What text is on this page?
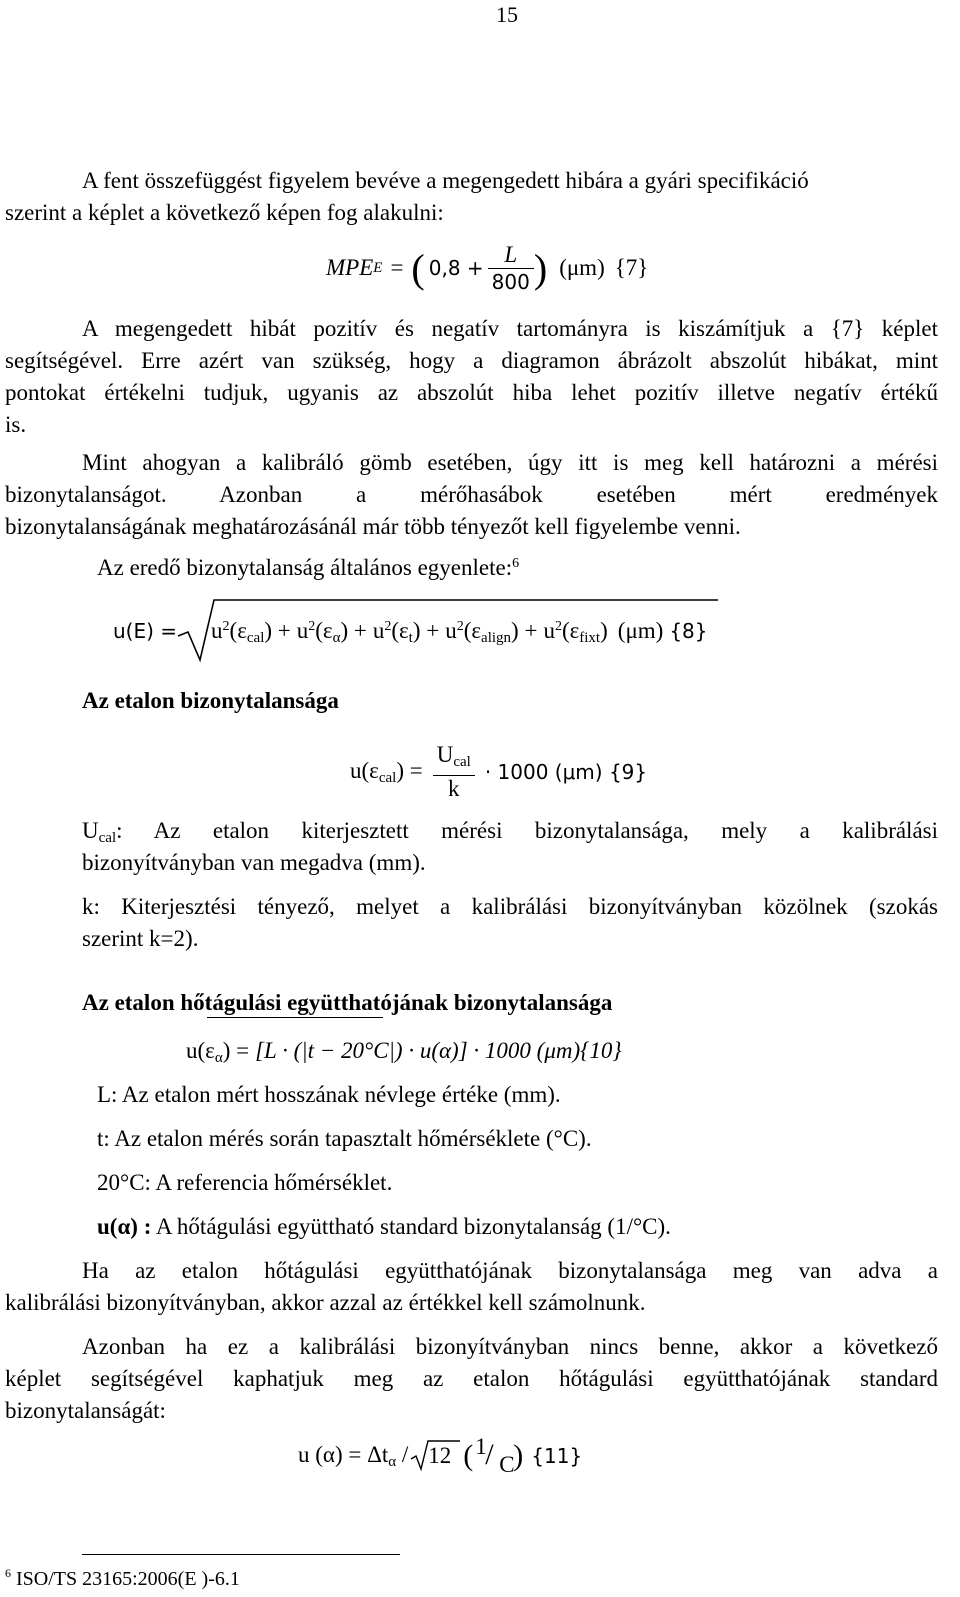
15
A fent összefüggést figyelem bevéve a megengedett hibára a gyári specifikáció
szerint a képlet a következő képen fog alakulni:
MPE E = ( $0,8 + \frac{L}{800}$ ) (μm) {7}
A megengedett hibát pozitív és negatív tartományra is kiszámítjuk a {7} képlet
segítségével. Erre azért van szükség, hogy a diagramon ábrázolt abszolút hibákat, mint
pontokat értékelni tudjuk, ugyanis az abszolút hiba lehet pozitív illetve negatív értékű
is.
Mint ahogyan a kalibráló gömb esetében, úgy itt is meg kell határozni a mérési
bizonytalanságot. Azonban a mérőhasábok esetében mért eredmények
bizonytalanságának meghatározásánál már több tényezőt kell figyelembe venni.
Az eredő bizonytalanság általános egyenlete:$^6$
$u(E) = u^2(\varepsilon_{cal}) + u^2(\varepsilon_\alpha) + u^2(\varepsilon_t) + u^2(\varepsilon_{align}) + u^2(\varepsilon_{fixt})$ (μm) {8}
Az etalon bizonytalansága
$u(\varepsilon_{cal}) = \frac{U_{cal}}{k} \cdot 1000$ (μm) {9}
$U_{cal}$: Az etalon kiterjesztett mérési bizonytalansága, mely a kalibrálási
bizonyítványban van megadva (mm).
k: Kiterjesztési tényező, melyet a kalibrálási bizonyítványban közölnek (szokás
szerint k=2).
Az etalon hőtágulási együtthatójának bizonytalansága
$u(\varepsilon_\alpha) = [L \cdot (|t - 20^\circ C|) \cdot u(\alpha)] \cdot 1000$ (μm){10}
L: Az etalon mért hosszának névlege értéke (mm).
t: Az etalon mérés során tapasztalt hőmérséklete (°C).
20°C: A referencia hőmérséklet.
u(α) : A hőtágulási együttható standard bizonytalanság (1/°C).
Ha az etalon hőtágulási együtthatójának bizonytalansága meg van adva a
kalibrálási bizonyítványban, akkor azzal az értékkel kell számolnunk.
Azonban ha ez a kalibrálási bizonyítványban nincs benne, akkor a következő
képlet segítségével kaphatjuk meg az etalon hőtágulási együtthatójának standard
bizonytalanságát:
u $(\alpha) = \Delta t_\alpha / 12$ ( 1
/ C
) {11}
$^6$ ISO/TS 23165:2006(E )-6.1
